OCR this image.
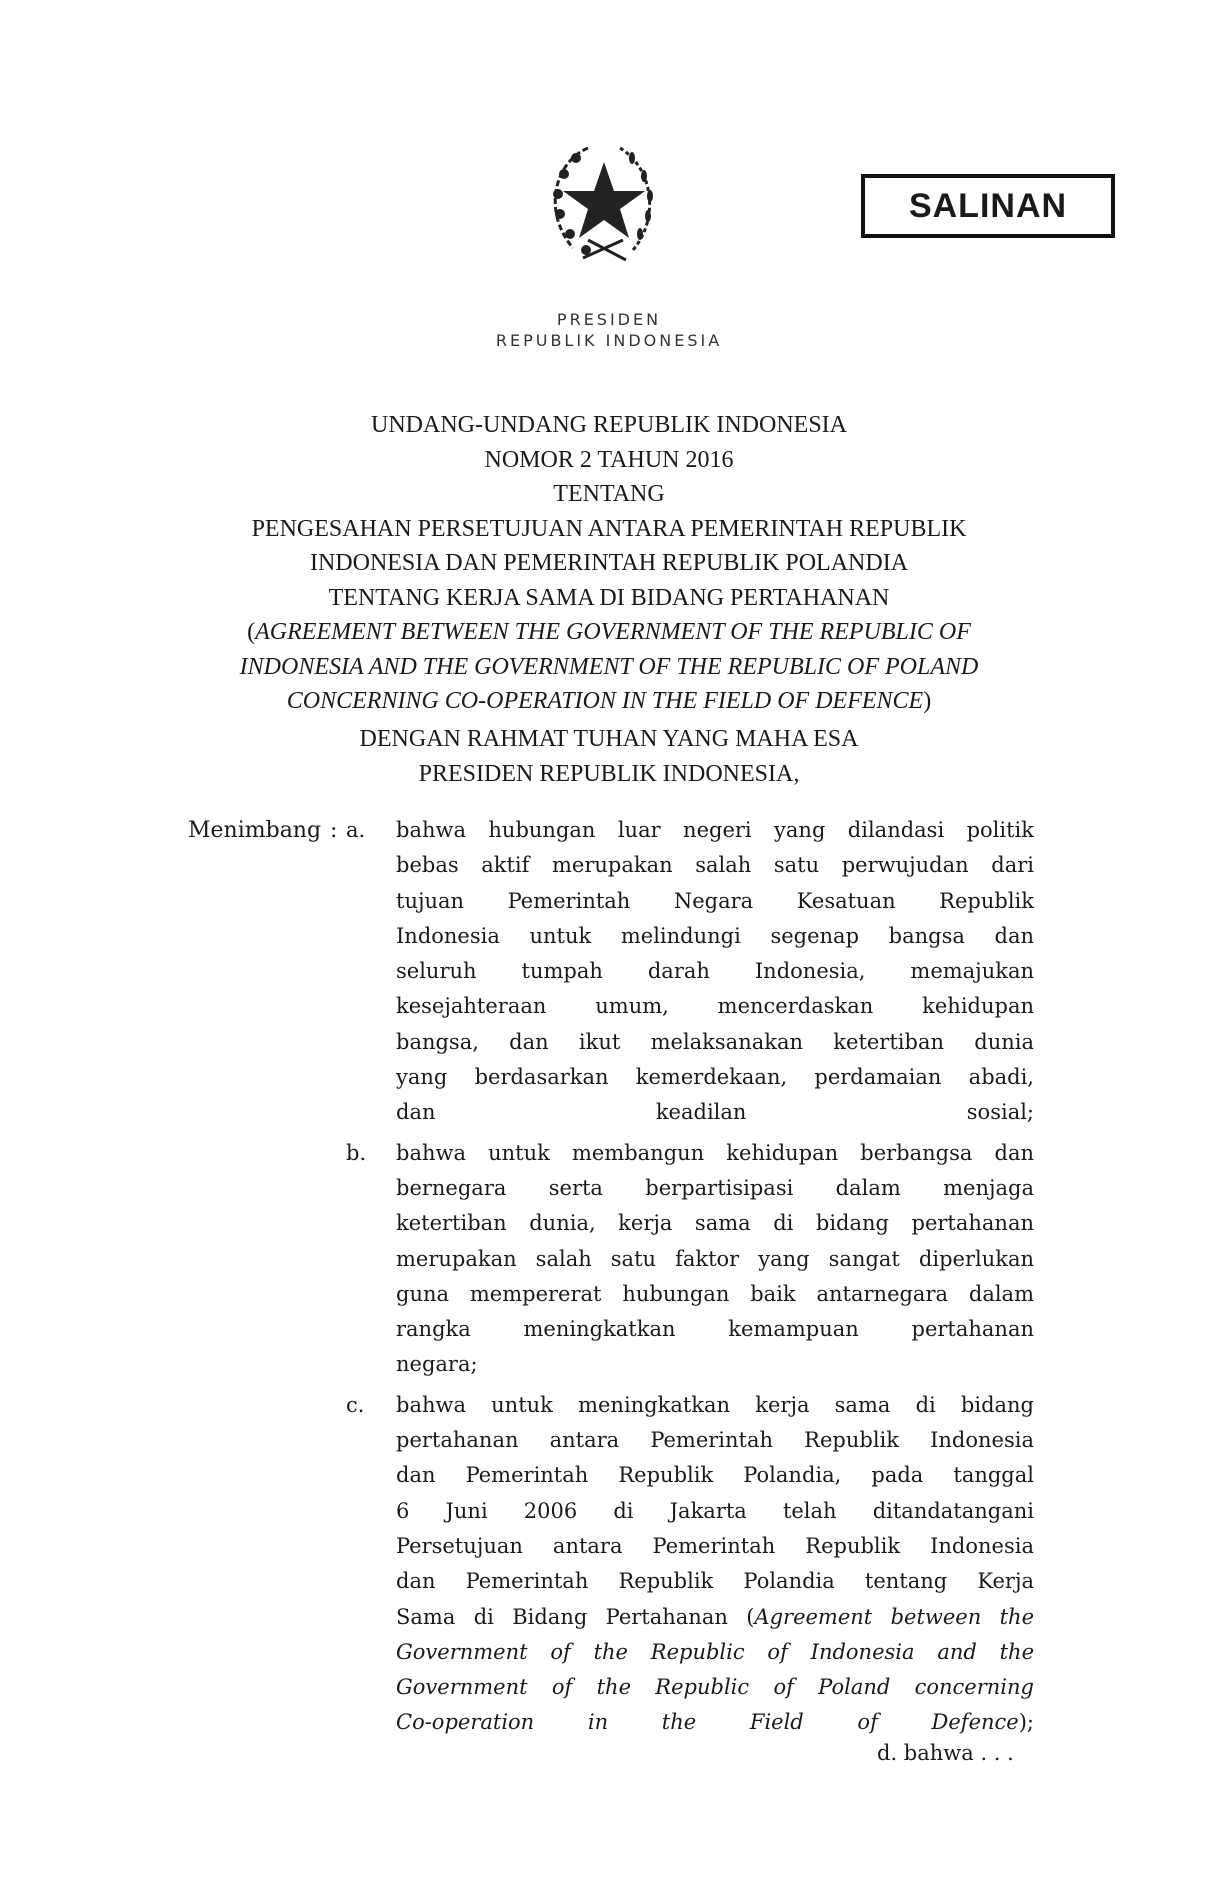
SALINAN
PRESIDEN
REPUBLIK INDONESIA
UNDANG-UNDANG REPUBLIK INDONESIA
NOMOR 2 TAHUN 2016
TENTANG
PENGESAHAN PERSETUJUAN ANTARA PEMERINTAH REPUBLIK
INDONESIA DAN PEMERINTAH REPUBLIK POLANDIA
TENTANG KERJA SAMA DI BIDANG PERTAHANAN
(AGREEMENT BETWEEN THE GOVERNMENT OF THE REPUBLIC OF
INDONESIA AND THE GOVERNMENT OF THE REPUBLIC OF POLAND
CONCERNING CO-OPERATION IN THE FIELD OF DEFENCE)
DENGAN RAHMAT TUHAN YANG MAHA ESA
PRESIDEN REPUBLIK INDONESIA,
Menimbang : a. bahwa hubungan luar negeri yang dilandasi politik
bebas aktif merupakan salah satu perwujudan dari
tujuan Pemerintah Negara Kesatuan Republik
Indonesia untuk melindungi segenap bangsa dan
seluruh tumpah darah Indonesia, memajukan
kesejahteraan umum, mencerdaskan kehidupan
bangsa, dan ikut melaksanakan ketertiban dunia
yang berdasarkan kemerdekaan, perdamaian abadi,
dan keadilan sosial;
b. bahwa untuk membangun kehidupan berbangsa dan
bernegara serta berpartisipasi dalam menjaga
ketertiban dunia, kerja sama di bidang pertahanan
merupakan salah satu faktor yang sangat diperlukan
guna mempererat hubungan baik antarnegara dalam
rangka meningkatkan kemampuan pertahanan
negara;
c. bahwa untuk meningkatkan kerja sama di bidang
pertahanan antara Pemerintah Republik Indonesia
dan Pemerintah Republik Polandia, pada tanggal
6 Juni 2006 di Jakarta telah ditandatangani
Persetujuan antara Pemerintah Republik Indonesia
dan Pemerintah Republik Polandia tentang Kerja
Sama di Bidang Pertahanan (Agreement between the
Government of the Republic of Indonesia and the
Government of the Republic of Poland concerning
Co-operation in the Field of Defence);
d. bahwa . . .
